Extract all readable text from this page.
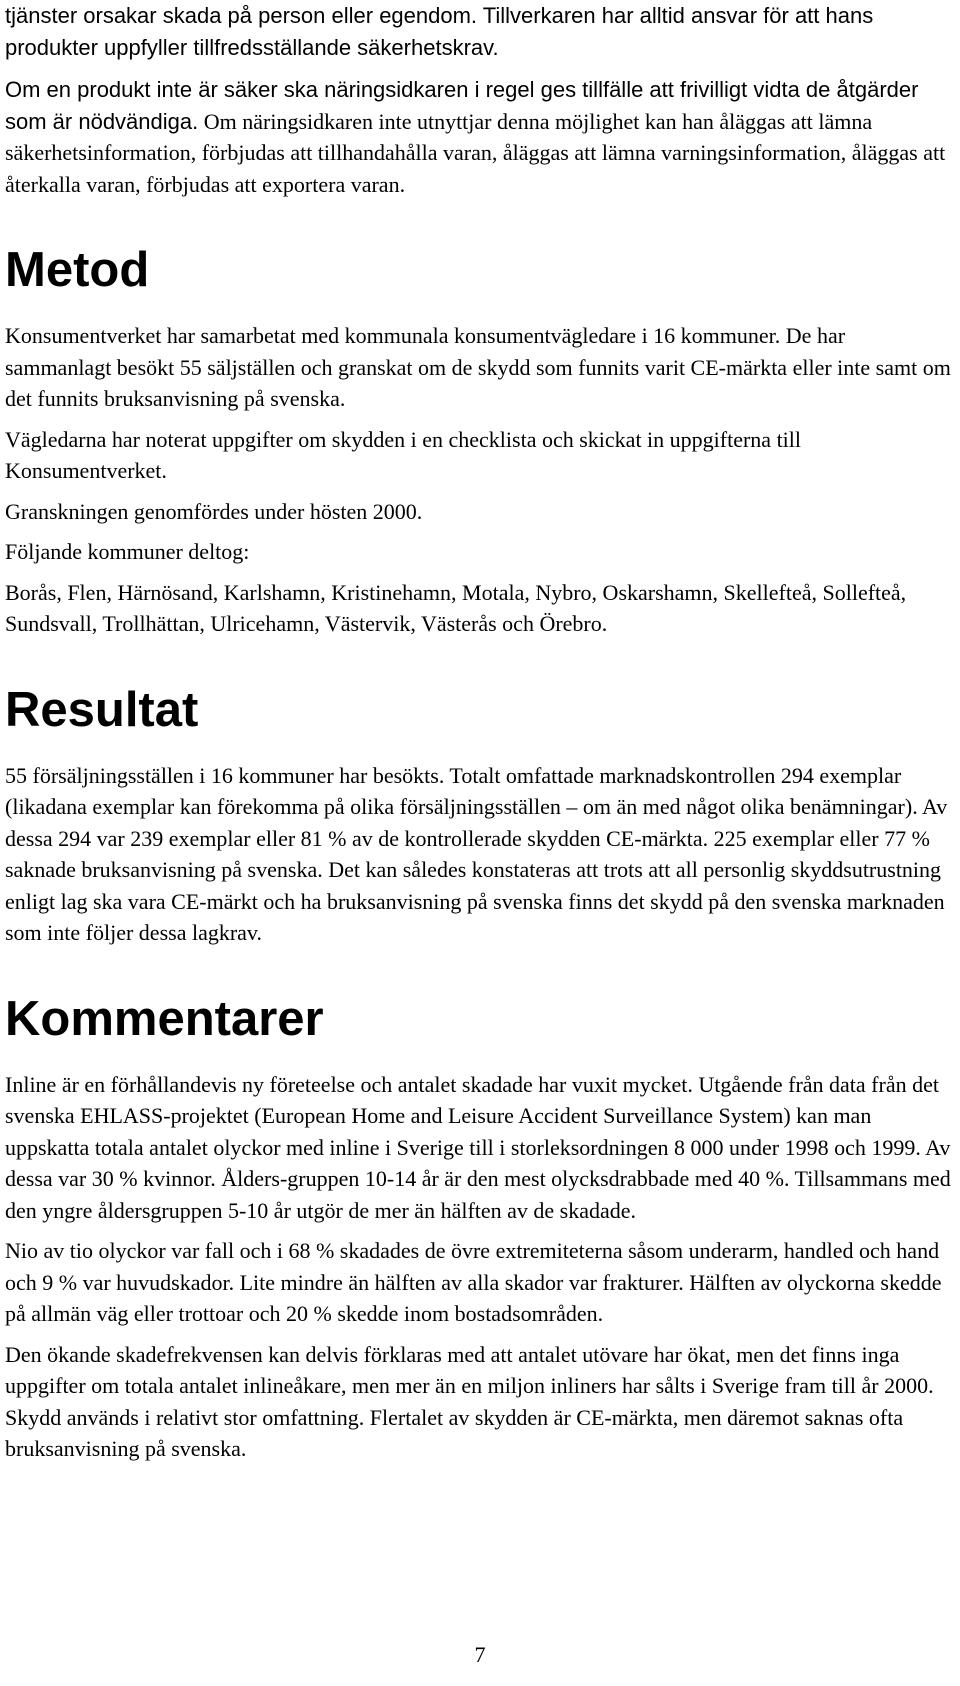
tjänster orsakar skada på person eller egendom. Tillverkaren har alltid ansvar för att hans produkter uppfyller tillfredsställande säkerhetskrav.

Om en produkt inte är säker ska näringsidkaren i regel ges tillfälle att frivilligt vidta de åtgärder som är nödvändiga. Om näringsidkaren inte utnyttjar denna möjlighet kan han åläggas att lämna säkerhetsinformation, förbjudas att tillhandahålla varan, åläggas att lämna varningsinformation, åläggas att återkalla varan, förbjudas att exportera varan.

Metod

Konsumentverket har samarbetat med kommunala konsumentvägledare i 16 kommuner. De har sammanlagt besökt 55 säljställen och granskat om de skydd som funnits varit CE-märkta eller inte samt om det funnits bruksanvisning på svenska.

Vägledarna har noterat uppgifter om skydden i en checklista och skickat in uppgifterna till Konsumentverket.

Granskningen genomfördes under hösten 2000.

Följande kommuner deltog:

Borås, Flen, Härnösand, Karlshamn, Kristinehamn, Motala, Nybro, Oskarshamn, Skellefteå, Sollefteå, Sundsvall, Trollhättan, Ulricehamn, Västervik, Västerås och Örebro.

Resultat

55 försäljningsställen i 16 kommuner har besökts. Totalt omfattade marknadskontrollen 294 exemplar (likadana exemplar kan förekomma på olika försäljningsställen – om än med något olika benämningar). Av dessa 294 var 239 exemplar eller 81 % av de kontrollerade skydden CE-märkta. 225 exemplar eller 77 % saknade bruksanvisning på svenska. Det kan således konstateras att trots att all personlig skyddsutrustning enligt lag ska vara CE-märkt och ha bruksanvisning på svenska finns det skydd på den svenska marknaden som inte följer dessa lagkrav.

Kommentarer

Inline är en förhållandevis ny företeelse och antalet skadade har vuxit mycket. Utgående från data från det svenska EHLASS-projektet (European Home and Leisure Accident Surveillance System) kan man uppskatta totala antalet olyckor med inline i Sverige till i storleksordningen 8 000 under 1998 och 1999. Av dessa var 30 % kvinnor. Ålders-gruppen 10-14 år är den mest olycksdrabbade med 40 %. Tillsammans med den yngre åldersgruppen 5-10 år utgör de mer än hälften av de skadade.

Nio av tio olyckor var fall och i 68 % skadades de övre extremiteterna såsom underarm, handled och hand och 9 % var huvudskador. Lite mindre än hälften av alla skador var frakturer. Hälften av olyckorna skedde på allmän väg eller trottoar och 20 % skedde inom bostadsområden.

Den ökande skadefrekvensen kan delvis förklaras med att antalet utövare har ökat, men det finns inga uppgifter om totala antalet inlineåkare, men mer än en miljon inliners har sålts i Sverige fram till år 2000. Skydd används i relativt stor omfattning. Flertalet av skydden är CE-märkta, men däremot saknas ofta bruksanvisning på svenska.

7
